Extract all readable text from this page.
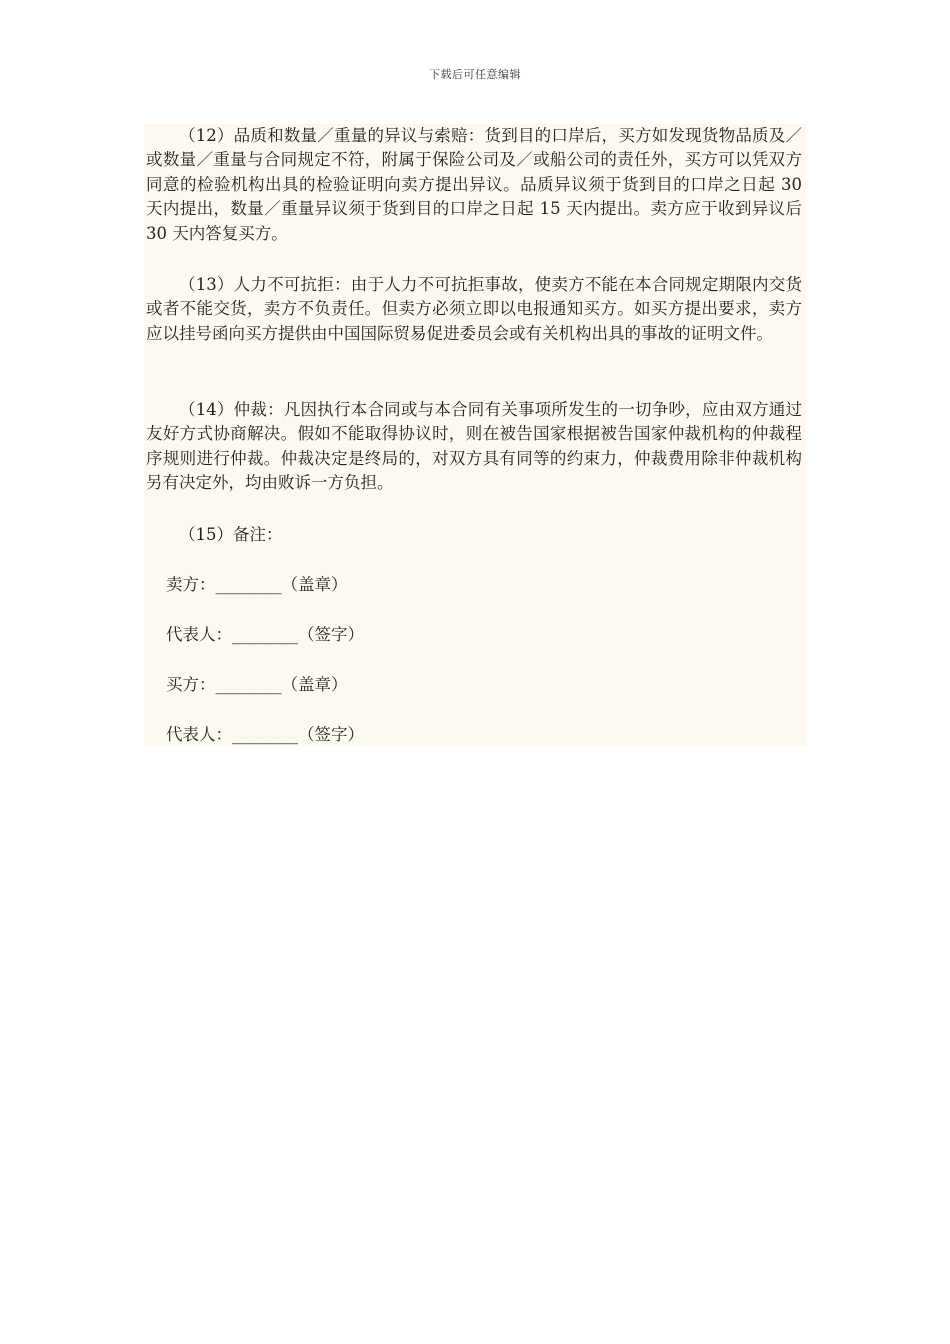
下载后可任意编辑

（12）品质和数量／重量的异议与索赔：货到目的口岸后，买方如发现货物品质及／或数量／重量与合同规定不符，附属于保险公司及／或船公司的责任外，买方可以凭双方同意的检验机构出具的检验证明向卖方提出异议。品质异议须于货到目的口岸之日起 30 天内提出，数量／重量异议须于货到目的口岸之日起 15 天内提出。卖方应于收到异议后 30 天内答复买方。

（13）人力不可抗拒：由于人力不可抗拒事故，使卖方不能在本合同规定期限内交货或者不能交货，卖方不负责任。但卖方必须立即以电报通知买方。如买方提出要求，卖方应以挂号函向买方提供由中国国际贸易促进委员会或有关机构出具的事故的证明文件。

（14）仲裁：凡因执行本合同或与本合同有关事项所发生的一切争吵，应由双方通过友好方式协商解决。假如不能取得协议时，则在被告国家根据被告国家仲裁机构的仲裁程序规则进行仲裁。仲裁决定是终局的，对双方具有同等的约束力，仲裁费用除非仲裁机构另有决定外，均由败诉一方负担。

（15）备注：

卖方：________（盖章）
代表人：________（签字）
买方：________（盖章）
代表人：________（签字）
